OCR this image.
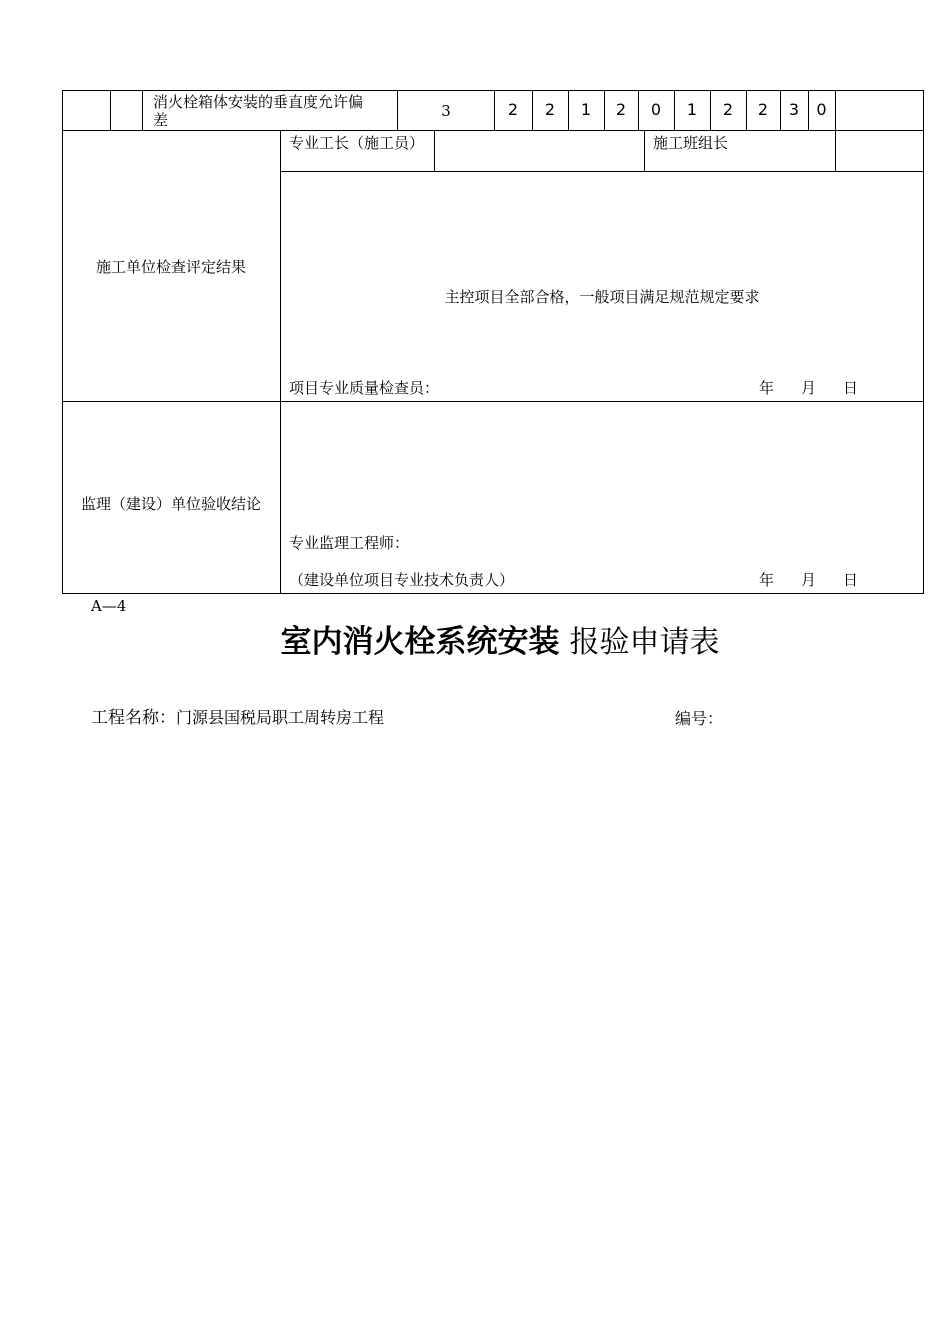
消火栓箱体安装的垂直度允许偏
差	3	2	2	1	2	0	1	2	2	3	0
施工单位检查评定结果
专业工长（施工员）	施工班组长
主控项目全部合格，一般项目满足规范规定要求
项目专业质量检查员：	年 月 日
监理（建设）单位验收结论
专业监理工程师：
（建设单位项目专业技术负责人）	年 月 日
A—4
室内消火栓系统安装 报验申请表
工程名称：门源县国税局职工周转房工程	编号：
